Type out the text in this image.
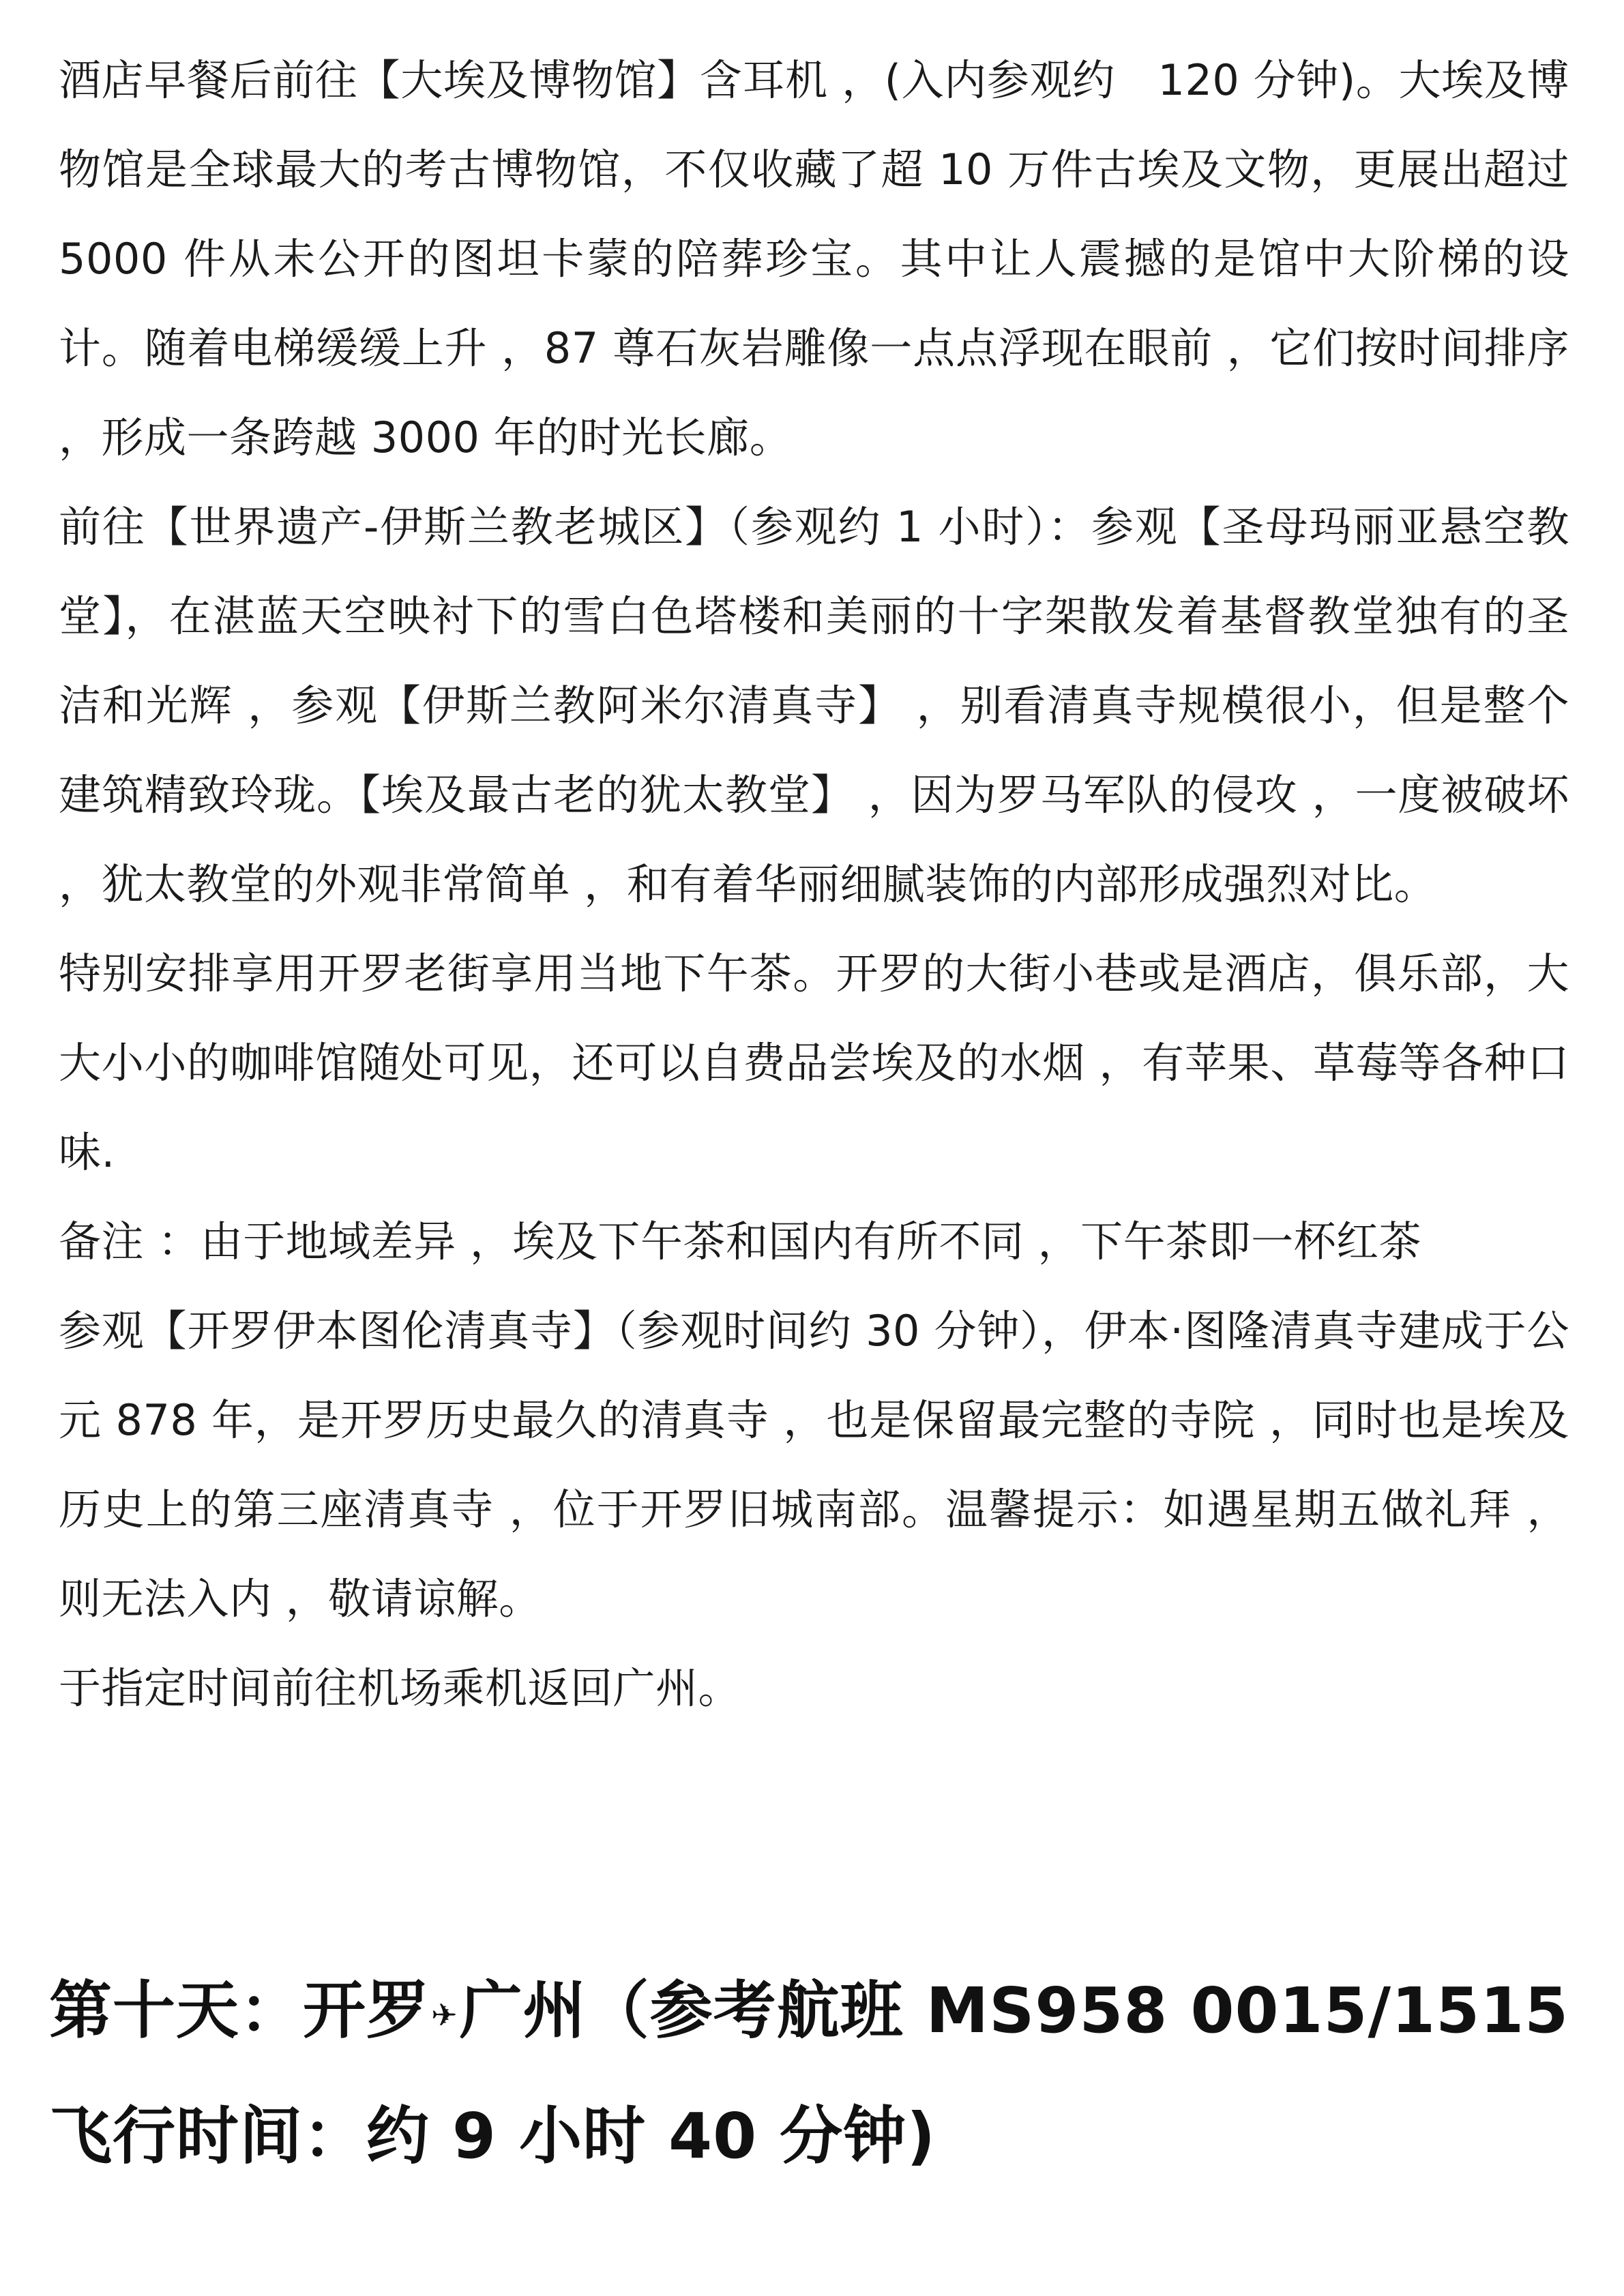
酒店早餐后前往【大埃及博物馆】含耳机 ，(入内参观约　120 分钟)。大埃及博物馆是全球最大的考古博物馆，不仅收藏了超 10 万件古埃及文物，更展出超过 5000 件从未公开的图坦卡蒙的陪葬珍宝。其中让人震撼的是馆中大阶梯的设计。随着电梯缓缓上升 ，87 尊石灰岩雕像一点点浮现在眼前 ，它们按时间排序 ，形成一条跨越 3000 年的时光长廊。

前往【世界遗产-伊斯兰教老城区】（参观约 1 小时）：参观【圣母玛丽亚悬空教堂】，在湛蓝天空映衬下的雪白色塔楼和美丽的十字架散发着基督教堂独有的圣洁和光辉 ，参观【伊斯兰教阿米尔清真寺】 ，别看清真寺规模很小，但是整个建筑精致玲珑。【埃及最古老的犹太教堂】 ，因为罗马军队的侵攻 ，一度被破坏 ，犹太教堂的外观非常简单 ，和有着华丽细腻装饰的内部形成强烈对比。

特别安排享用开罗老街享用当地下午茶。开罗的大街小巷或是酒店，俱乐部，大大小小的咖啡馆随处可见，还可以自费品尝埃及的水烟 ，有苹果、草莓等各种口味.

备注 ：由于地域差异 ，埃及下午茶和国内有所不同 ，下午茶即一杯红茶

参观【开罗伊本图伦清真寺】（参观时间约 30 分钟），伊本·图隆清真寺建成于公元 878 年，是开罗历史最久的清真寺 ，也是保留最完整的寺院 ，同时也是埃及历史上的第三座清真寺 ，位于开罗旧城南部。温馨提示：如遇星期五做礼拜 ，则无法入内 ，敬请谅解。

于指定时间前往机场乘机返回广州。

第十天：开罗✈广州（参考航班 MS958 0015/1515 飞行时间：约 9 小时 40 分钟)
